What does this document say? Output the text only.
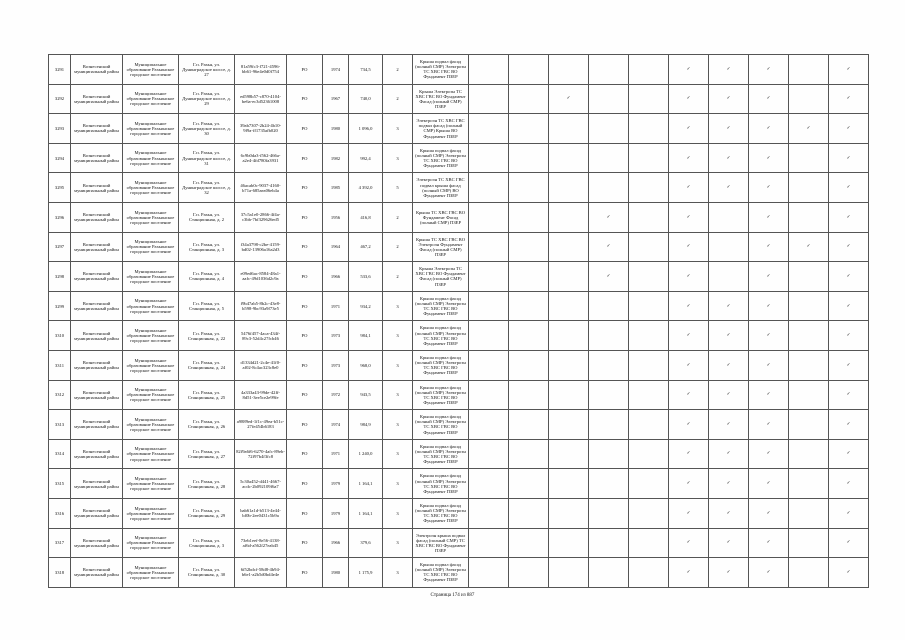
3291	Вознесенский муниципальный район	Муниципальное образование Рахьинское городское поселение	Г.п. Рахья, ул. Дунинградское шоссе, д. 27	81a59fc3-f721-4596-bb61-96e4e0d0f754	РО	1974	734,5	2	Крыша подвал фасад (полный СМР) Электроэн ТС ХВС ГВС ВО Фундамент ПЗЕР						✓	✓	✓		✓
3292	Вознесенский муниципальный район	Муниципальное образование Рахьинское городское поселение	Г.п. Рахья, ул. Дунинградское шоссе, д. 29	ed598b57-c870-4104-be6a-ec3d52361008	РО	1967	740,0	2	Крыша Электроэн ТС ХВС ГВС ВО Фундамент Фасад (полный СМР) ПЗЕР			✓			✓	✓	✓		✓
3293	Вознесенский муниципальный район	Муниципальное образование Рахьинское городское поселение	Г.п. Рахья, ул. Дунинградское шоссе, д. 30	39ab7307-2b24-4b10-9f9a-ff1735afb020	РО	1980	1 096,0	3	Электроэн ТС ХВС ГВС подвал фасад (полный СМР) Крыша ВО Фундамент ПЗЕР						✓	✓	✓	✓	✓
3294	Вознесенский муниципальный район	Муниципальное образование Рахьинское городское поселение	Г.п. Рахья, ул. Дунинградское шоссе, д. 31	6c9b0da3-f562-466a-a2e4-4fd780fa3931	РО	1982	992,4	3	Крыша подвал фасад (полный СМР) Электроэн ТС ХВС ГВС ВО Фундамент ПЗЕР						✓	✓	✓		✓
3295	Вознесенский муниципальный район	Муниципальное образование Рахьинское городское поселение	Г.п. Рахья, ул. Дунинградское шоссе, д. 32	46acab0c-9037-4160-b71a-685aea06eb4a	РО	1985	4 392,0	5	Электроэн ТС ХВС ГВС подвал крыша фасад (полный СМР) ВО Фундамент ПЗЕР						✓	✓	✓		✓
3296	Вознесенский муниципальный район	Муниципальное образование Рахьинское городское поселение	Г.п. Рахья, ул. Станционная, д. 2	37c5a1e0-2866-4f4a-c3bb-7bf329626ed5	РО	1956	416,8	2	Крыша ТС ХВС ГВС ВО Фундамент Фасад (полный СМР) ПЗЕР				✓		✓		✓		✓
3297	Вознесенский муниципальный район	Муниципальное образование Рахьинское городское поселение	Г.п. Рахья, ул. Станционная, д. 3	f34a3798-c2be-4159-bd02-13906a16a2d3	РО	1964	467,2	2	Крыша ТС ХВС ГВС ВО Электроэн Фундамент Фасад (полный СМР) ПЗЕР				✓		✓		✓	✓	✓
3298	Вознесенский муниципальный район	Муниципальное образование Рахьинское городское поселение	Г.п. Рахья, ул. Станционная, д. 4	e09ed6ac-8584-48a1-aafc-49d1036d2c9a	РО	1966	533,6	2	Крыша Электроэн ТС ХВС ГВС ВО Фундамент Фасад (полный СМР) ПЗЕР				✓		✓		✓		✓
3299	Вознесенский муниципальный район	Муниципальное образование Рахьинское городское поселение	Г.п. Рахья, ул. Станционная, д. 5	f9b47ab5-8b2c-43e8-b598-9bc93a9f73e5	РО	1971	934,2	3	Крыша подвал фасад (полный СМР) Электроэн ТС ХВС ГВС ВО Фундамент ПЗЕР						✓	✓	✓		✓
3310	Вознесенский муниципальный район	Муниципальное образование Рахьинское городское поселение	Г.п. Рахья, ул. Станционная, д. 22	5476f457-4aca-434f-89c3-52d4c27fcb46	РО	1973	984,1	3	Крыша подвал фасад (полный СМР) Электроэн ТС ХВС ГВС ВО Фундамент ПЗЕР						✓	✓	✓		✓
3311	Вознесенский муниципальный район	Муниципальное образование Рахьинское городское поселение	Г.п. Рахья, ул. Станционная, д. 24	d1334d21-2c4e-41f0-af02-8c4ac323c8e0	РО	1973	968,0	3	Крыша подвал фасад (полный СМР) Электроэн ТС ХВС ГВС ВО Фундамент ПЗЕР						✓	✓	✓		✓
3312	Вознесенский муниципальный район	Муниципальное образование Рахьинское городское поселение	Г.п. Рахья, ул. Станционная, д. 25	4a333a43-99de-42ff-8d51-3ee5ce2e99fe	РО	1972	943,5	3	Крыша подвал фасад (полный СМР) Электроэн ТС ХВС ГВС ВО Фундамент ПЗЕР						✓	✓	✓		✓
3313	Вознесенский муниципальный район	Муниципальное образование Рахьинское городское поселение	Г.п. Рахья, ул. Станционная, д. 26	a9889ed-1f1c-49ea-b51c-27fe454b6183	РО	1974	984,9	3	Крыша подвал фасад (полный СМР) Электроэн ТС ХВС ГВС ВО Фундамент ПЗЕР						✓	✓	✓		✓
3314	Вознесенский муниципальный район	Муниципальное образование Рахьинское городское поселение	Г.п. Рахья, ул. Станционная, д. 27	82f9a6f6-6270-4afc-89eb-72f97b4f3fc8	РО	1971	1 240,0	3	Крыша подвал фасад (полный СМР) Электроэн ТС ХВС ГВС ВО Фундамент ПЗЕР						✓	✓	✓		✓
3315	Вознесенский муниципальный район	Муниципальное образование Рахьинское городское поселение	Г.п. Рахья, ул. Станционная, д. 28	5c30a452-d441-4667-acdc-2b092109f6a7	РО	1979	1 164,1	3	Крыша подвал фасад (полный СМР) Электроэн ТС ХВС ГВС ВО Фундамент ПЗЕР						✓	✓	✓		✓
3316	Вознесенский муниципальный район	Муниципальное образование Рахьинское городское поселение	Г.п. Рахья, ул. Станционная, д. 29	bab61a1d-b513-4e44-bf0b-2ee0431c5b9a	РО	1979	1 164,1	3	Крыша подвал фасад (полный СМР) Электроэн ТС ХВС ГВС ВО Фундамент ПЗЕР						✓	✓	✓		✓
3317	Вознесенский муниципальный район	Муниципальное образование Рахьинское городское поселение	Г.п. Рахья, ул. Станционная, д. 3	73eb1eef-8e56-4138-af6d-a562f27eab45	РО	1966	379,6	3	Электроэн крыша подвал фасад (полный СМР) ТС ХВС ГВС ВО Фундамент ПЗЕР						✓	✓	✓		✓
3318	Вознесенский муниципальный район	Муниципальное образование Рахьинское городское поселение	Г.п. Рахья, ул. Станционная, д. 30	6f52bdcf-58d8-4b94-b6e1-a2b5d0bd4e4e	РО	1980	1 175,9	3	Крыша подвал фасад (полный СМР) Электроэн ТС ХВС ГВС ВО Фундамент ПЗЕР						✓	✓	✓		✓
Страница 174 из 887
